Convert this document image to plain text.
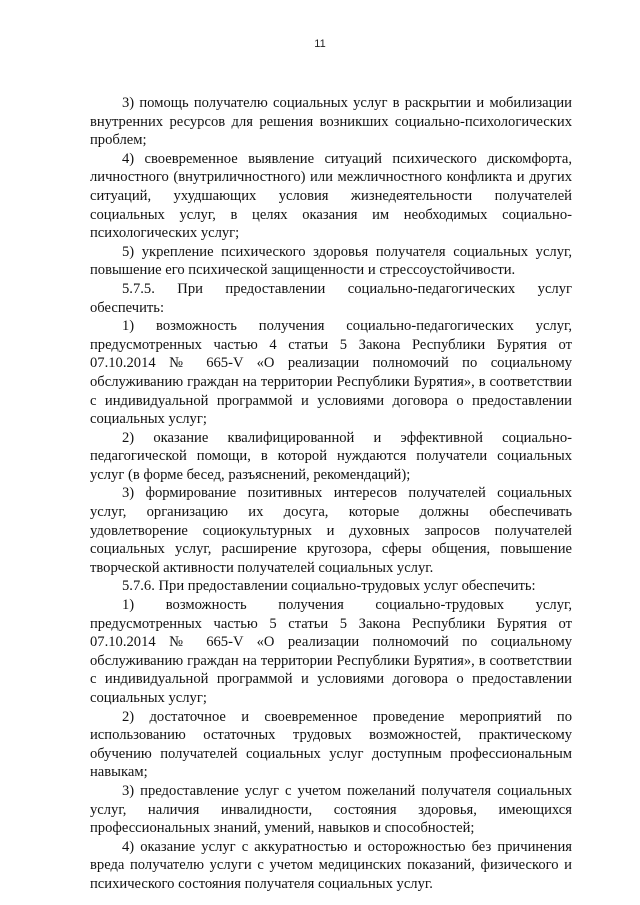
11

3) помощь получателю социальных услуг в раскрытии и мобилизации внутренних ресурсов для решения возникших социально-психологических проблем;

4) своевременное выявление ситуаций психического дискомфорта, личностного (внутриличностного) или межличностного конфликта и других ситуаций, ухудшающих условия жизнедеятельности получателей социальных услуг, в целях оказания им необходимых социально-психологических услуг;

5) укрепление психического здоровья получателя социальных услуг, повышение его психической защищенности и стрессоустойчивости.

5.7.5. При предоставлении социально-педагогических услуг обеспечить:

1) возможность получения социально-педагогических услуг, предусмотренных частью 4 статьи 5 Закона Республики Бурятия от 07.10.2014 № 665-V «О реализации полномочий по социальному обслуживанию граждан на территории Республики Бурятия», в соответствии с индивидуальной программой и условиями договора о предоставлении социальных услуг;

2) оказание квалифицированной и эффективной социально-педагогической помощи, в которой нуждаются получатели социальных услуг (в форме бесед, разъяснений, рекомендаций);

3) формирование позитивных интересов получателей социальных услуг, организацию их досуга, которые должны обеспечивать удовлетворение социокультурных и духовных запросов получателей социальных услуг, расширение кругозора, сферы общения, повышение творческой активности получателей социальных услуг.

5.7.6. При предоставлении социально-трудовых услуг обеспечить:

1) возможность получения социально-трудовых услуг, предусмотренных частью 5 статьи 5 Закона Республики Бурятия от 07.10.2014 № 665-V «О реализации полномочий по социальному обслуживанию граждан на территории Республики Бурятия», в соответствии с индивидуальной программой и условиями договора о предоставлении социальных услуг;

2) достаточное и своевременное проведение мероприятий по использованию остаточных трудовых возможностей, практическому обучению получателей социальных услуг доступным профессиональным навыкам;

3) предоставление услуг с учетом пожеланий получателя социальных услуг, наличия инвалидности, состояния здоровья, имеющихся профессиональных знаний, умений, навыков и способностей;

4) оказание услуг с аккуратностью и осторожностью без причинения вреда получателю услуги с учетом медицинских показаний, физического и психического состояния получателя социальных услуг.
